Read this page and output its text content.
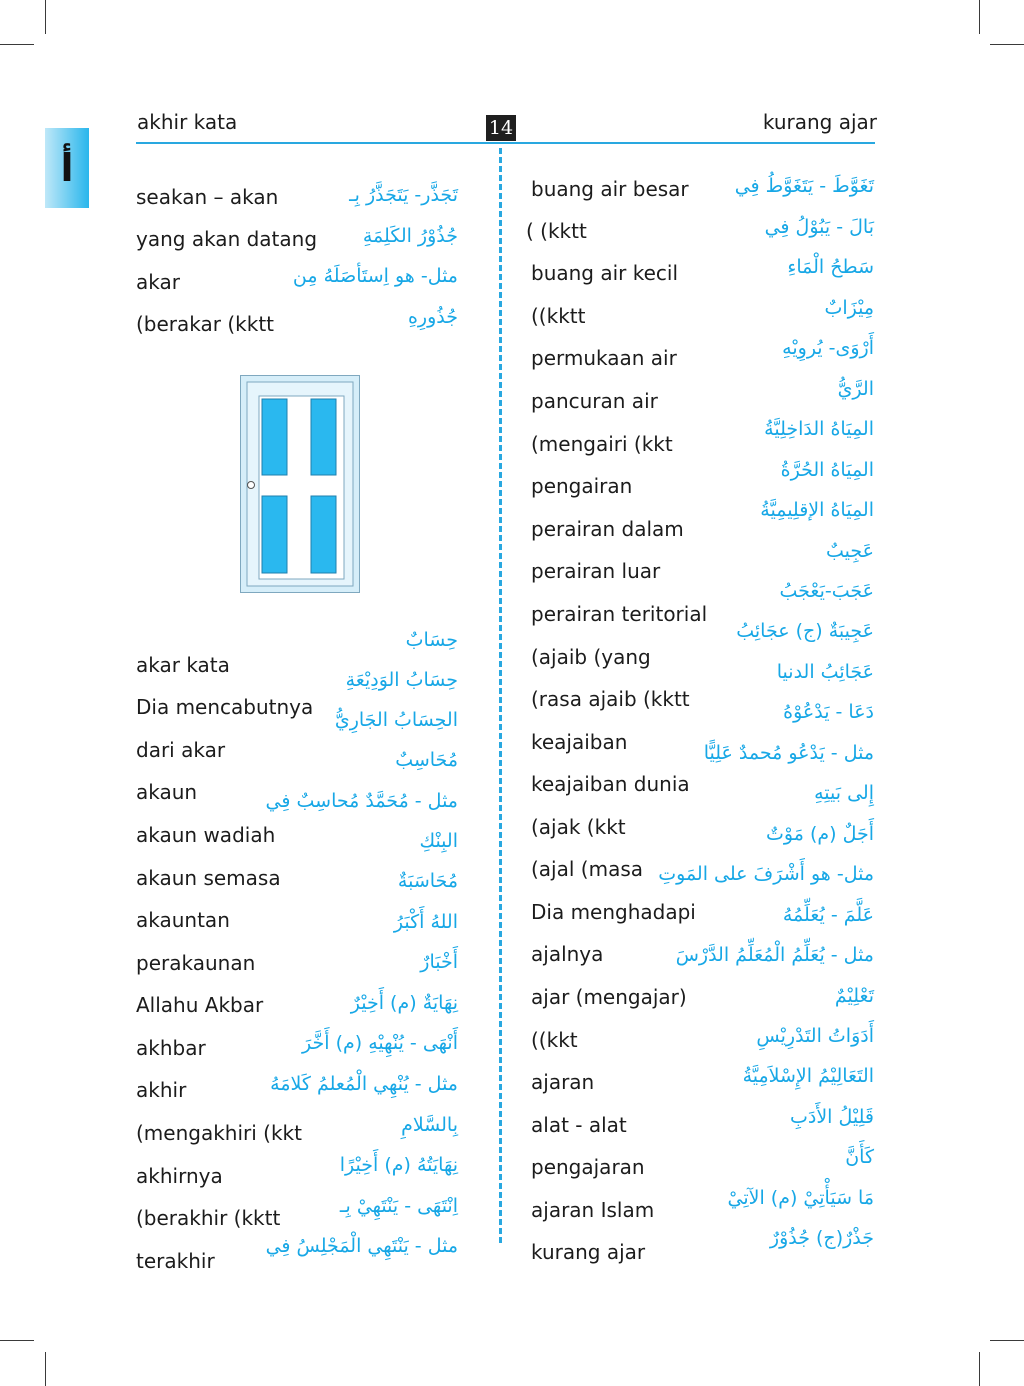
ﺃ
akhir kata	14	kurang ajar
seakan – akan
yang akan datang
akar
(berakar (kktt
akar kata
Dia mencabutnya
dari akar
akaun
akaun wadiah
akaun semasa
akauntan
perakaunan
Allahu Akbar
akhbar
akhir
(mengakhiri (kkt
akhirnya
(berakhir (kktt
terakhir
تَجَذَّر- يَتَجَذَّرُ بِـ
جُذُوْرُ الكَلِمَةِ
مثل- هو اِستَأصَلَهُ مِن
جُذُورِهِ
حِسَابٌ
حِسَابُ الوَدِيْعَةِ
الحِسَابُ الجَارِيُّ
مُحَاسِبٌ
مثل - مُحَمَّدٌ مُحاسِبٌ فِي
البِنْكِ
مُحَاسَبَةٌ
اللهُ أَكْبَرُ
أَخْبَارٌ
نِهَايَةٌ (م) أَخِيْرٌ
أَنْهَى - يُنْهِيْهِ (م) أَخَّرَ
مثل - يُنْهِي الْمُعلمُ كَلامَهُ
بِالسَّلامِ
نِهَايَتُهُ (م) أَخِيْرًا
اِنْتَهَى - يَنْتَهِيْ بِـ
مثل - يَنْتَهِي الْمَجْلِسُ فِي
buang air besar
( (kktt
buang air kecil
((kktt
permukaan air
pancuran air
(mengairi (kkt
pengairan
perairan dalam
perairan luar
perairan teritorial
(ajaib (yang
(rasa ajaib (kktt
keajaiban
keajaiban dunia
(ajak (kkt
(ajal (masa
Dia menghadapi
ajalnya
ajar (mengajar)
((kkt
ajaran
alat - alat
pengajaran
ajaran Islam
kurang ajar
تَغَوَّطَ - يَتَغَوَّطُ فِي
بَالَ - يَبُوْلُ فِي
سَطحُ الْمَاءِ
مِيْزَابٌ
أَرْوَى- يُروِيْهِ
الرَّيُّ
المِيَاهُ الدَاخِلِيَّةُ
المِيَاهُ الحُرَّةُ
المِيَاهُ الإقلِيمِيَّةُ
عَجِيبٌ
عَجَبَ-يَعْجَبُ
عَجِيبَةٌ (ج) عجَائِبُ
عَجَائِبُ الدنيا
دَعَا - يَدْعُوْهُ
مثل - يَدْعُو مُحمدٌ عَلِيًّا
إِلى بَيتِهِ
أَجَلٌ (م) مَوْتٌ
مثل- هو أَشْرَفَ على المَوتِ
عَلَّمَ - يُعَلِّمُهُ
مثل - يُعَلِّمُ الْمُعَلِّمُ الدَّرْسَ
تَعْلِيْمٌ
أَدَوَاتُ التَدْرِيْسِ
التَعَالِيْمُ الإِسْلاَمِيَّةُ
قَلِيْلُ الأَدَبِ
كَأَنَّ
مَا سَيَأْتِيْ (م) الآتِيْ
جَذْرٌ(ج) جُذُوْرٌ
